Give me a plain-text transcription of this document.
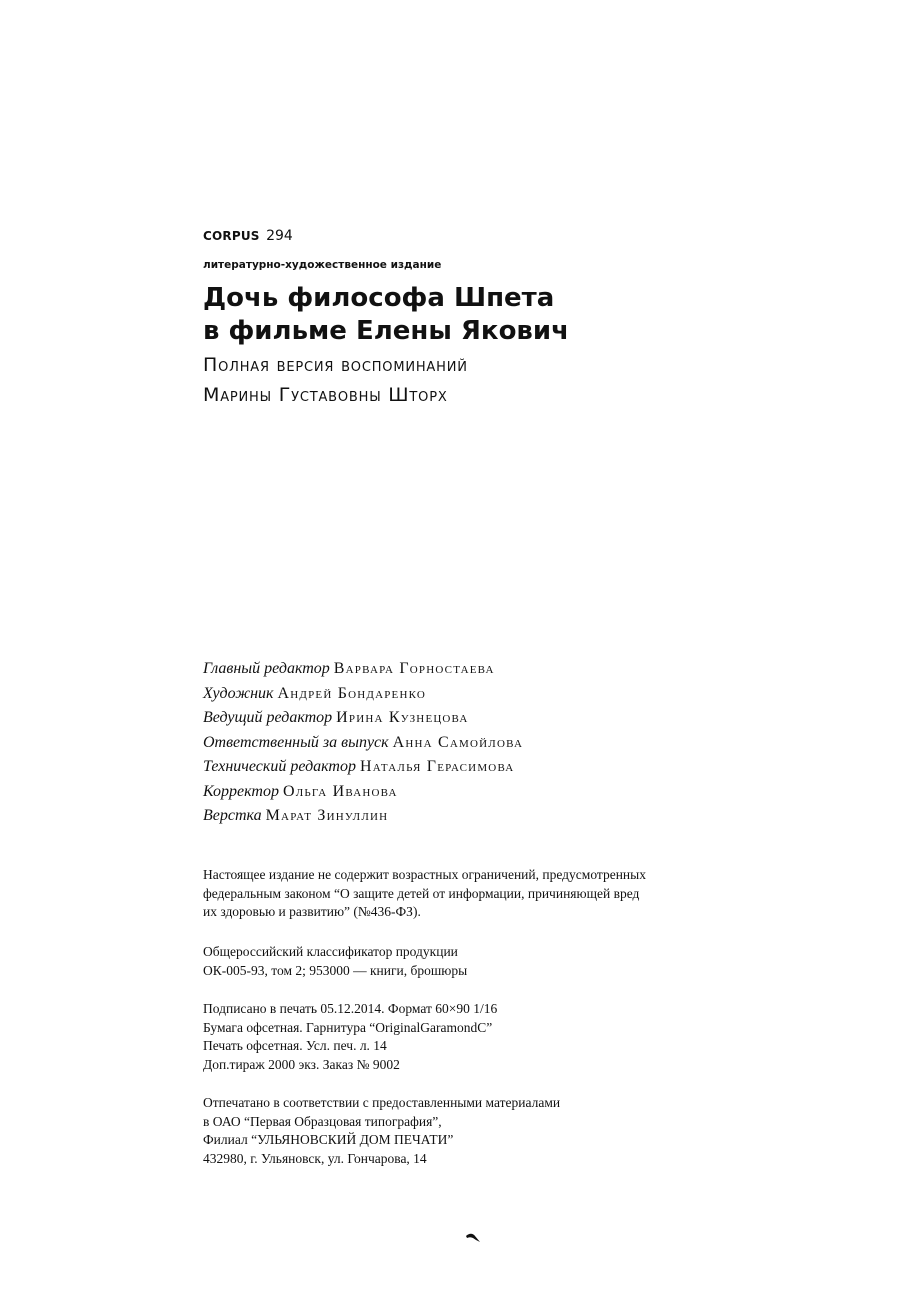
CORPUS 294
литературно-художественное издание
Дочь философа Шпета
в фильме Елены Якович
Полная версия воспоминаний
Марины Густавовны Шторх
Главный редактор Варвара Горностаева
Художник Андрей Бондаренко
Ведущий редактор Ирина Кузнецова
Ответственный за выпуск Анна Самойлова
Технический редактор Наталья Герасимова
Корректор Ольга Иванова
Верстка Марат Зинуллин
Настоящее издание не содержит возрастных ограничений, предусмотренных
федеральным законом “О защите детей от информации, причиняющей вред
их здоровью и развитию” (№436-ФЗ).
Общероссийский классификатор продукции
ОК-005-93, том 2; 953000 — книги, брошюры
Подписано в печать 05.12.2014. Формат 60×90 1/16
Бумага офсетная. Гарнитура “OriginalGaramondC”
Печать офсетная. Усл. печ. л. 14
Доп.тираж 2000 экз. Заказ № 9002
Отпечатано в соответствии с предоставленными материалами
в ОАО “Первая Образцовая типография”,
Филиал “УЛЬЯНОВСКИЙ ДОМ ПЕЧАТИ”
432980, г. Ульяновск, ул. Гончарова, 14
